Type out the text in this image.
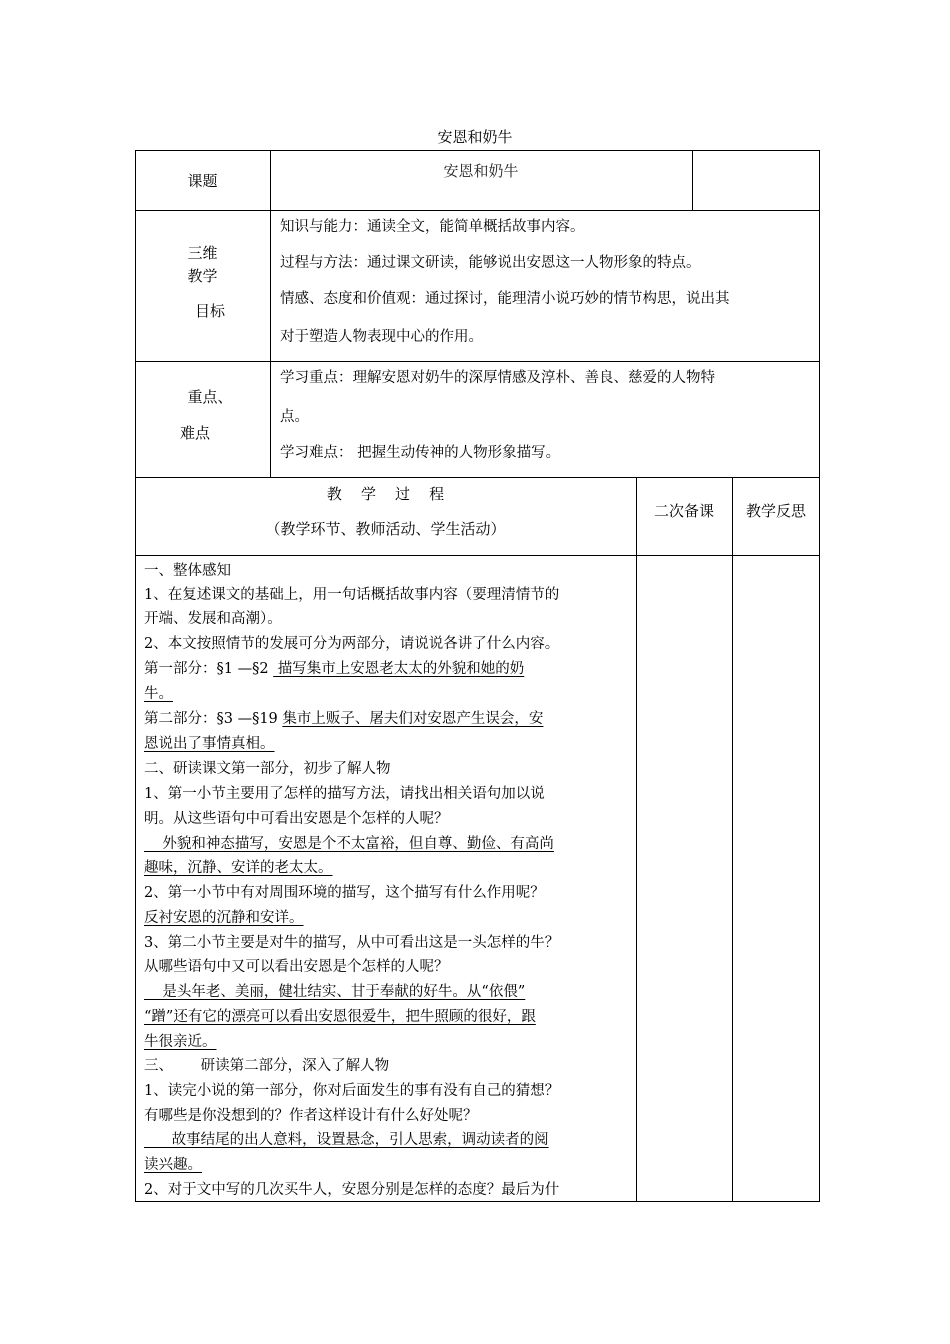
安恩和奶牛
课题
安恩和奶牛
三维
教学
目标
知识与能力：通读全文，能简单概括故事内容。
过程与方法：通过课文研读，能够说出安恩这一人物形象的特点。
情感、态度和价值观：通过探讨，能理清小说巧妙的情节构思，说出其
对于塑造人物表现中心的作用。
重点、
难点
学习重点：理解安恩对奶牛的深厚情感及淳朴、善良、慈爱的人物特
点。
学习难点： 把握生动传神的人物形象描写。
教    学    过    程
（教学环节、教师活动、学生活动）
二次备课	教学反思
一、整体感知
1、在复述课文的基础上，用一句话概括故事内容（要理清情节的
开端、发展和高潮）。
2、本文按照情节的发展可分为两部分，请说说各讲了什么内容。
第一部分：§1 —§2  描写集市上安恩老太太的外貌和她的奶
牛。
第二部分：§3 —§19 集市上贩子、屠夫们对安恩产生误会，安
恩说出了事情真相。
二、研读课文第一部分，初步了解人物
1、第一小节主要用了怎样的描写方法，请找出相关语句加以说
明。从这些语句中可看出安恩是个怎样的人呢？
外貌和神态描写，安恩是个不太富裕，但自尊、勤俭、有高尚
趣味，沉静、安详的老太太。
2、第一小节中有对周围环境的描写，这个描写有什么作用呢？
反衬安恩的沉静和安详。
3、第二小节主要是对牛的描写，从中可看出这是一头怎样的牛？
从哪些语句中又可以看出安恩是个怎样的人呢？
是头年老、美丽，健壮结实、甘于奉献的好牛。从“依偎”
“蹭”还有它的漂亮可以看出安恩很爱牛，把牛照顾的很好，跟
牛很亲近。
三、      研读第二部分，深入了解人物
1、读完小说的第一部分，你对后面发生的事有没有自己的猜想？
有哪些是你没想到的？作者这样设计有什么好处呢？
故事结尾的出人意料，设置悬念，引人思索，调动读者的阅
读兴趣。
2、对于文中写的几次买牛人，安恩分别是怎样的态度？最后为什
